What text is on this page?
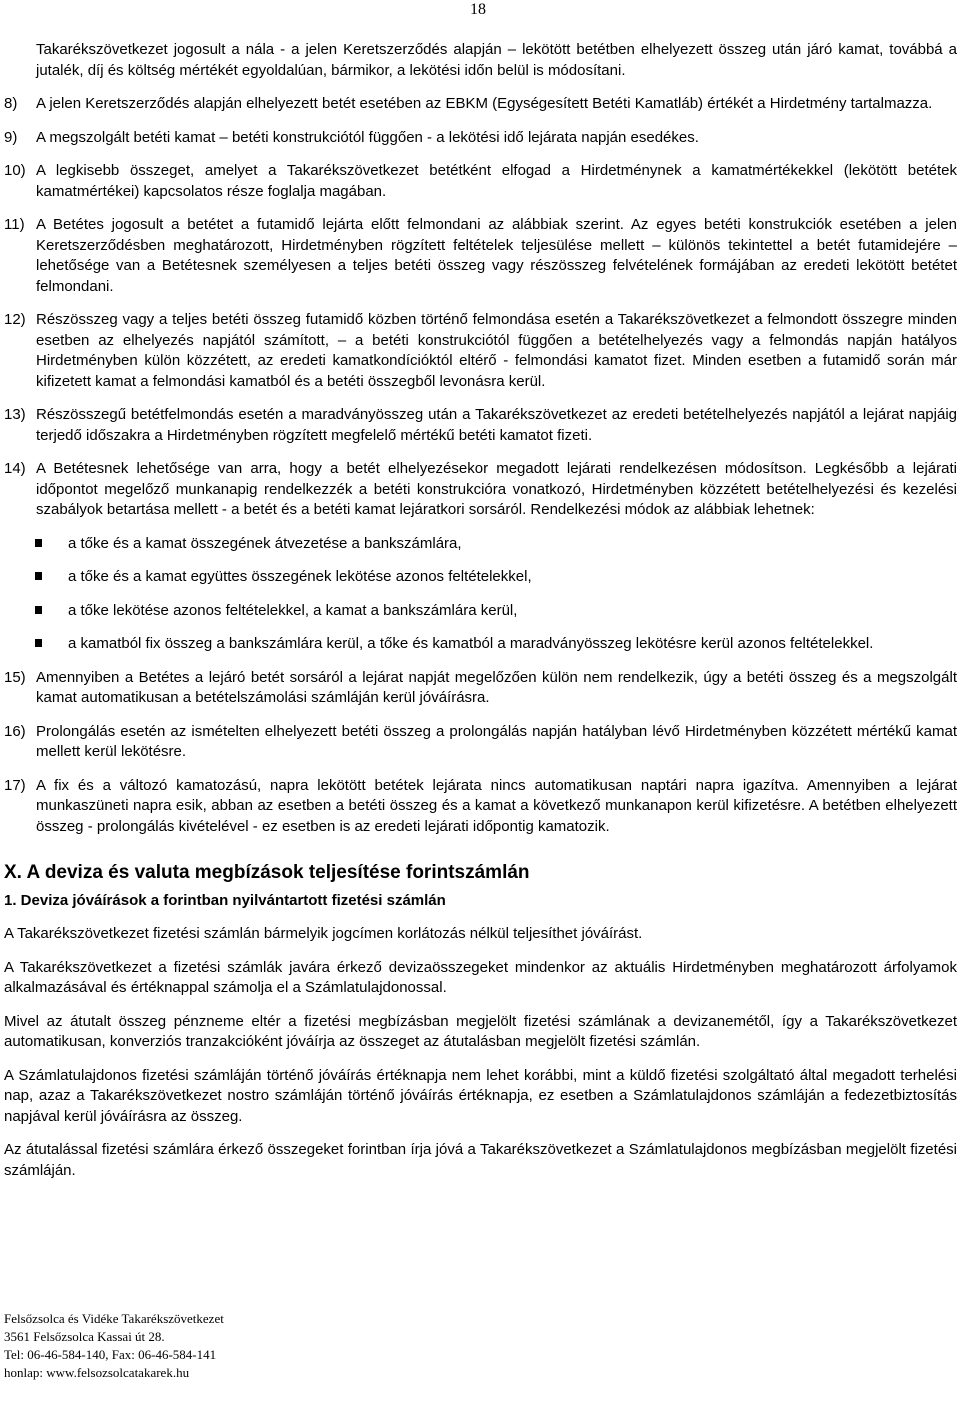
18

Takarékszövetkezet jogosult a nála - a jelen Keretszerződés alapján – lekötött betétben elhelyezett összeg után járó kamat, továbbá a jutalék, díj és költség mértékét egyoldalúan, bármikor, a lekötési időn belül is módosítani.

8) A jelen Keretszerződés alapján elhelyezett betét esetében az EBKM (Egységesített Betéti Kamatláb) értékét a Hirdetmény tartalmazza.
9) A megszolgált betéti kamat – betéti konstrukciótól függően - a lekötési idő lejárata napján esedékes.
10) A legkisebb összeget, amelyet a Takarékszövetkezet betétként elfogad a Hirdetménynek a kamatmértékekkel (lekötött betétek kamatmértékei) kapcsolatos része foglalja magában.
11) A Betétes jogosult a betétet a futamidő lejárta előtt felmondani az alábbiak szerint. Az egyes betéti konstrukciók esetében a jelen Keretszerződésben meghatározott, Hirdetményben rögzített feltételek teljesülése mellett – különös tekintettel a betét futamidejére – lehetősége van a Betétesnek személyesen a teljes betéti összeg vagy részösszeg felvételének formájában az eredeti lekötött betétet felmondani.
12) Részösszeg vagy a teljes betéti összeg futamidő közben történő felmondása esetén a Takarékszövetkezet a felmondott összegre minden esetben az elhelyezés napjától számított, – a betéti konstrukciótól függően a betételhelyezés vagy a felmondás napján hatályos Hirdetményben külön közzétett, az eredeti kamatkondícióktól eltérő - felmondási kamatot fizet. Minden esetben a futamidő során már kifizetett kamat a felmondási kamatból és a betéti összegből levonásra kerül.
13) Részösszegű betétfelmondás esetén a maradványösszeg után a Takarékszövetkezet az eredeti betételhelyezés napjától a lejárat napjáig terjedő időszakra a Hirdetményben rögzített megfelelő mértékű betéti kamatot fizeti.
14) A Betétesnek lehetősége van arra, hogy a betét elhelyezésekor megadott lejárati rendelkezésen módosítson. Legkésőbb a lejárati időpontot megelőző munkanapig rendelkezzék a betéti konstrukcióra vonatkozó, Hirdetményben közzétett betételhelyezési és kezelési szabályok betartása mellett - a betét és a betéti kamat lejáratkori sorsáról. Rendelkezési módok az alábbiak lehetnek:
a tőke és a kamat összegének átvezetése a bankszámlára,
a tőke és a kamat együttes összegének lekötése azonos feltételekkel,
a tőke lekötése azonos feltételekkel, a kamat a bankszámlára kerül,
a kamatból fix összeg a bankszámlára kerül, a tőke és kamatból a maradványösszeg lekötésre kerül azonos feltételekkel.
15) Amennyiben a Betétes a lejáró betét sorsáról a lejárat napját megelőzően külön nem rendelkezik, úgy a betéti összeg és a megszolgált kamat automatikusan a betételszámolási számláján kerül jóváírásra.
16) Prolongálás esetén az ismételten elhelyezett betéti összeg a prolongálás napján hatályban lévő Hirdetményben közzétett mértékű kamat mellett kerül lekötésre.
17) A fix és a változó kamatozású, napra lekötött betétek lejárata nincs automatikusan naptári napra igazítva. Amennyiben a lejárat munkaszüneti napra esik, abban az esetben a betéti összeg és a kamat a következő munkanapon kerül kifizetésre. A betétben elhelyezett összeg - prolongálás kivételével - ez esetben is az eredeti lejárati időpontig kamatozik.
X. A deviza és valuta megbízások teljesítése forintszámlán
1. Deviza jóváírások a forintban nyilvántartott fizetési számlán

A Takarékszövetkezet fizetési számlán bármelyik jogcímen korlátozás nélkül teljesíthet jóváírást.

A Takarékszövetkezet a fizetési számlák javára érkező devizaösszegeket mindenkor az aktuális Hirdetményben meghatározott árfolyamok alkalmazásával és értéknappal számolja el a Számlatulajdonossal.

Mivel az átutalt összeg pénzneme eltér a fizetési megbízásban megjelölt fizetési számlának a devizanemétől, így a Takarékszövetkezet automatikusan, konverziós tranzakcióként jóváírja az összeget az átutalásban megjelölt fizetési számlán.

A Számlatulajdonos fizetési számláján történő jóváírás értéknapja nem lehet korábbi, mint a küldő fizetési szolgáltató által megadott terhelési nap, azaz a Takarékszövetkezet nostro számláján történő jóváírás értéknapja, ez esetben a Számlatulajdonos számláján a fedezetbiztosítás napjával kerül jóváírásra az összeg.

Az átutalással fizetési számlára érkező összegeket forintban írja jóvá a Takarékszövetkezet a Számlatulajdonos megbízásban megjelölt fizetési számláján.

Felsőzsolca és Vidéke Takarékszövetkezet
3561 Felsőzsolca Kassai út 28.
Tel: 06-46-584-140, Fax: 06-46-584-141
honlap: www.felsozsolcatakarek.hu
